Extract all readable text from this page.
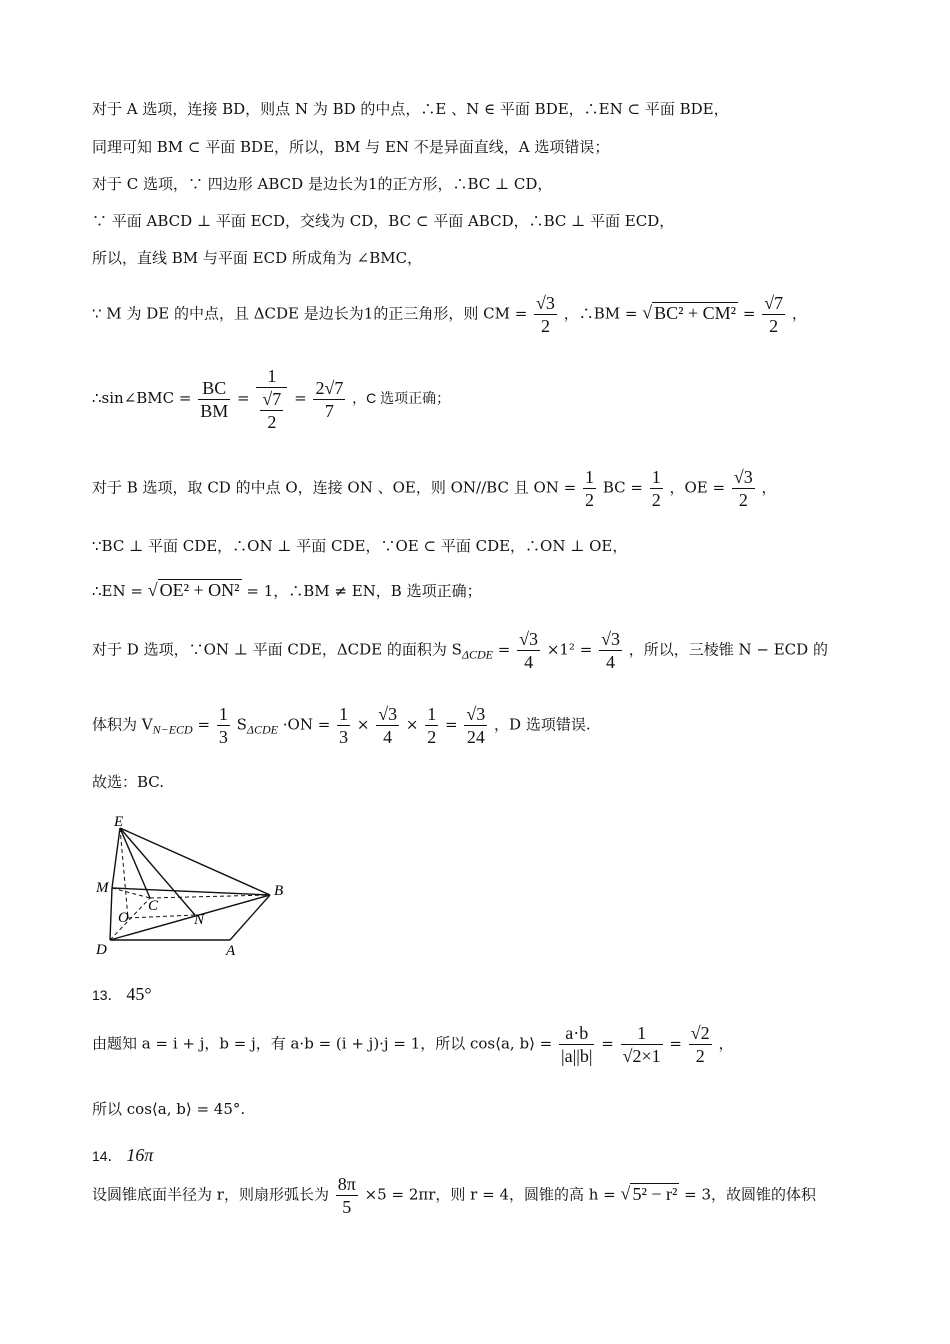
对于 A 选项，连接 BD，则点 N 为 BD 的中点，∴E 、N ∈ 平面 BDE，∴EN ⊂ 平面 BDE，
同理可知 BM ⊂ 平面 BDE，所以，BM 与 EN 不是异面直线，A 选项错误；
对于 C 选项，∵ 四边形 ABCD 是边长为1的正方形，∴BC ⊥ CD，
∵ 平面 ABCD ⊥ 平面 ECD，交线为 CD，BC ⊂ 平面 ABCD，∴BC ⊥ 平面 ECD，
所以，直线 BM 与平面 ECD 所成角为 ∠BMC，
∵ M 为 DE 的中点，且 ΔCDE 是边长为1的正三角形，则 CM = $\frac{√3}{2}$ ，∴BM = √ $BC^2 + CM^2 = \frac{√7}{2}$ ，
∴sin∠BMC = $\frac{BC}{BM} = \frac{1}{\frac{√7}{2}} = \frac{2√7}{7}$ ，C 选项正确；
对于 B 选项，取 CD 的中点 O，连接 ON 、OE，则 ON//BC 且 ON = $\frac{1}{2}$ BC = $\frac{1}{2}$ ，OE = $\frac{√3}{2}$ ，
∵BC ⊥ 平面 CDE，∴ON ⊥ 平面 CDE，∵OE ⊂ 平面 CDE，∴ON ⊥ OE，
∴EN = √ OE² + ON² = 1，∴BM ≠ EN，B 选项正确；
对于 D 选项，∵ON ⊥ 平面 CDE，ΔCDE 的面积为 $S_{\Delta CDE} = \frac{√3}{4} \times 1^2 = \frac{√3}{4}$ ，所以，三棱锥 N − ECD 的
体积为 $V_{N-ECD} = \frac{1}{3} S_{\Delta CDE} \cdot ON = \frac{1}{3} \times \frac{√3}{4} \times \frac{1}{2} = \frac{√3}{24}$ ，D 选项错误.
故选：BC.
E
M
O
C
N
B
D	A
13． 45°
由题知 a = i + j，b = j，有 a·b = (i + j)·j = 1，所以 cos⟨a, b⟩ = $\frac{a\cdot b}{|a||b|} = \frac{1}{√2\times 1} = \frac{√2}{2}$ ，
所以 cos⟨a, b⟩ = 45°.
14． 16π
设圆锥底面半径为 r，则扇形弧长为 $\frac{8\pi}{5} \times 5 = 2\pi r$，则 r = 4，圆锥的高 h = √ 5² − r² = 3，故圆锥的体积
